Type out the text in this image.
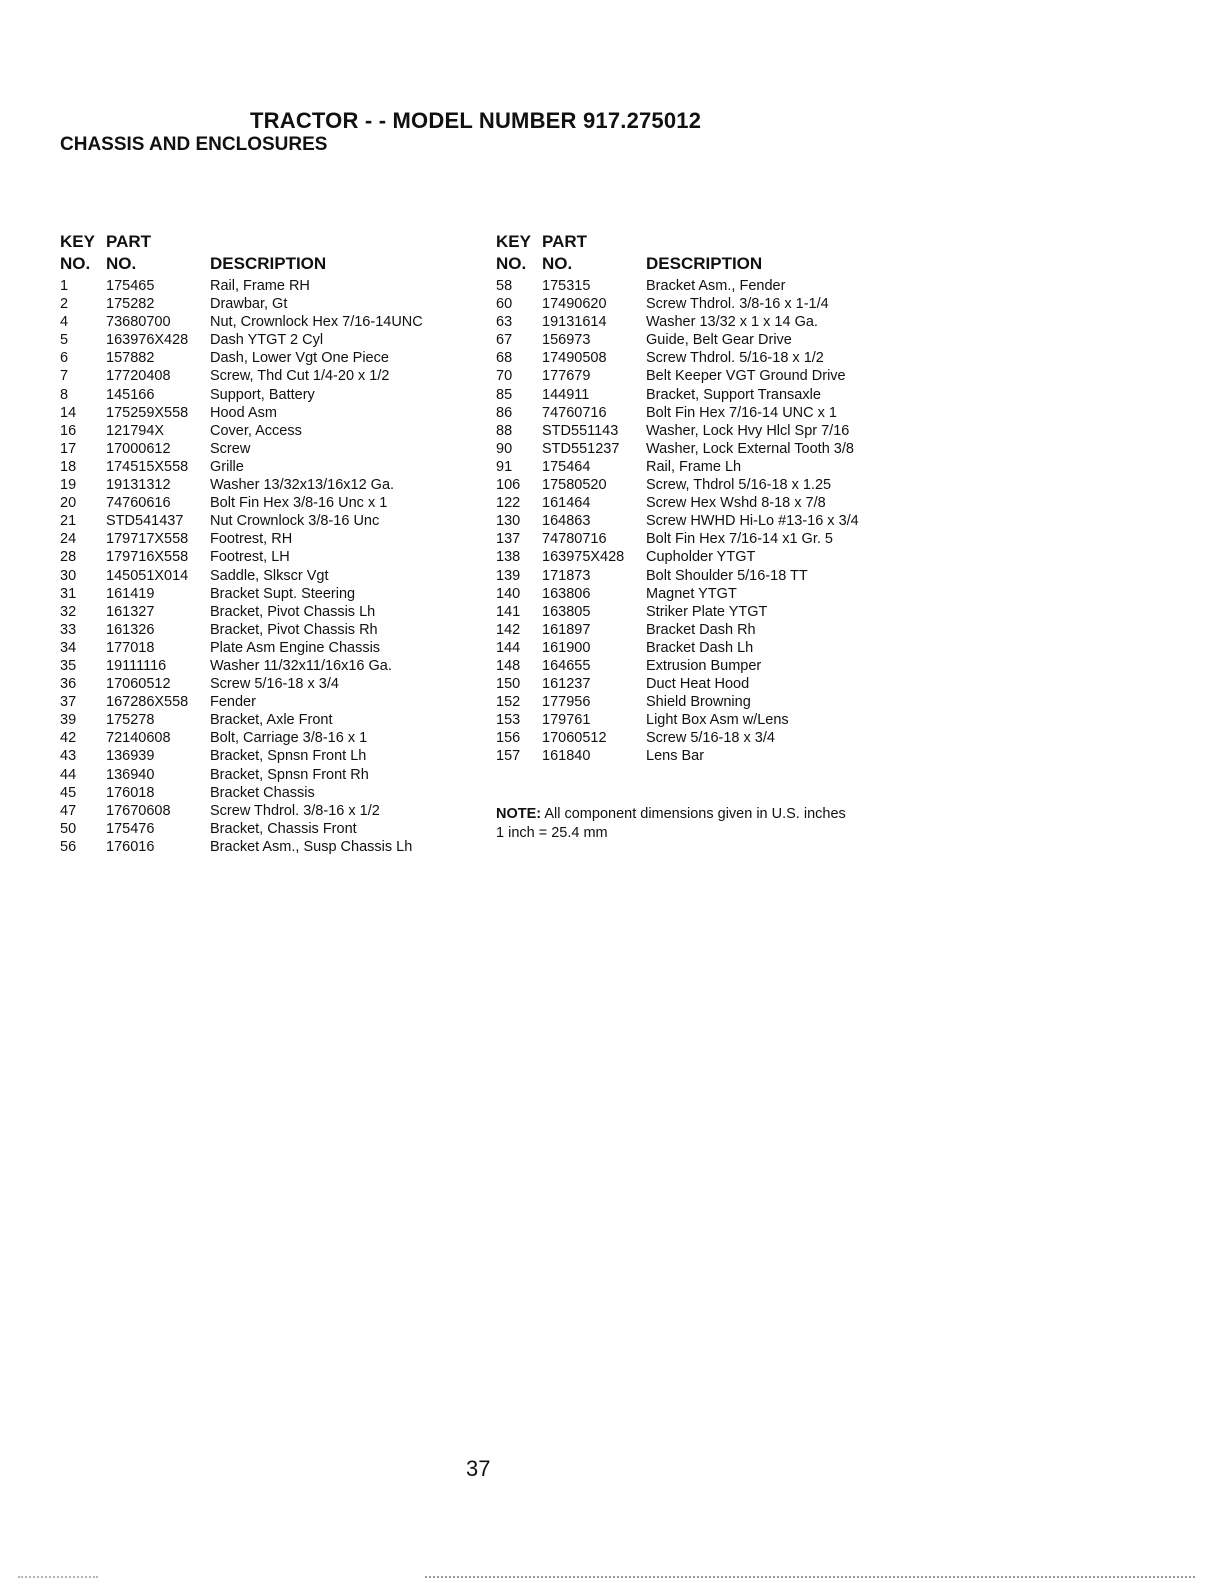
TRACTOR - - MODEL NUMBER 917.275012
CHASSIS AND ENCLOSURES
KEY
NO.
PART
NO.	DESCRIPTION
1	175465	Rail, Frame RH
2	175282	Drawbar, Gt
4	73680700	Nut, Crownlock Hex 7/16-14UNC
5	163976X428 Dash YTGT 2 Cyl
6	157882	Dash, Lower Vgt One Piece
7	17720408	Screw, Thd Cut 1/4-20 x 1/2
8	145166	Support, Battery
14 175259X558 Hood Asm
16 121794X	Cover, Access
17 17000612	Screw
18 174515X558 Grille
19 19131312	Washer 13/32x13/16x12 Ga.
20 74760616	Bolt Fin Hex 3/8-16 Unc x 1
21 STD541437 Nut Crownlock 3/8-16 Unc
24 179717X558 Footrest, RH
28 179716X558 Footrest, LH
30 145051X014 Saddle, Slkscr Vgt
31 161419	Bracket Supt. Steering
32 161327	Bracket, Pivot Chassis Lh
33 161326	Bracket, Pivot Chassis Rh
34 177018	Plate Asm Engine Chassis
35 19111116	Washer 11/32x11/16x16 Ga.
36 17060512	Screw 5/16-18 x 3/4
37 167286X558 Fender
39 175278	Bracket, Axle Front
42 72140608	Bolt, Carriage 3/8-16 x 1
43 136939	Bracket, Spnsn Front Lh
44 136940	Bracket, Spnsn Front Rh
45 176018	Bracket Chassis
47 17670608	Screw Thdrol. 3/8-16 x 1/2
50 175476	Bracket, Chassis Front
56 176016	Bracket Asm., Susp Chassis Lh
KEY
NO.
PART
NO.	DESCRIPTION
58 175315	Bracket Asm., Fender
60 17490620	Screw Thdrol. 3/8-16 x 1-1/4
63 19131614	Washer 13/32 x 1 x 14 Ga.
67 156973	Guide, Belt Gear Drive
68 17490508	Screw Thdrol. 5/16-18 x 1/2
70 177679	Belt Keeper VGT Ground Drive
85 144911	Bracket, Support Transaxle
86 74760716	Bolt Fin Hex 7/16-14 UNC x 1
88 STD551143 Washer, Lock Hvy Hlcl Spr 7/16
90 STD551237 Washer, Lock External Tooth 3/8
91 175464	Rail, Frame Lh
106 17580520	Screw, Thdrol 5/16-18 x 1.25
122 161464	Screw Hex Wshd 8-18 x 7/8
130 164863	Screw HWHD Hi-Lo #13-16 x 3/4
137 74780716	Bolt Fin Hex 7/16-14 x1 Gr. 5
138 163975X428 Cupholder YTGT
139 171873	Bolt Shoulder 5/16-18 TT
140 163806	Magnet YTGT
141 163805	Striker Plate YTGT
142 161897	Bracket Dash Rh
144 161900	Bracket Dash Lh
148 164655	Extrusion Bumper
150 161237	Duct Heat Hood
152 177956	Shield Browning
153 179761	Light Box Asm w/Lens
156 17060512	Screw 5/16-18 x 3/4
157 161840	Lens Bar
NOTE: All component dimensions given in U.S. inches
1 inch = 25.4 mm
37
